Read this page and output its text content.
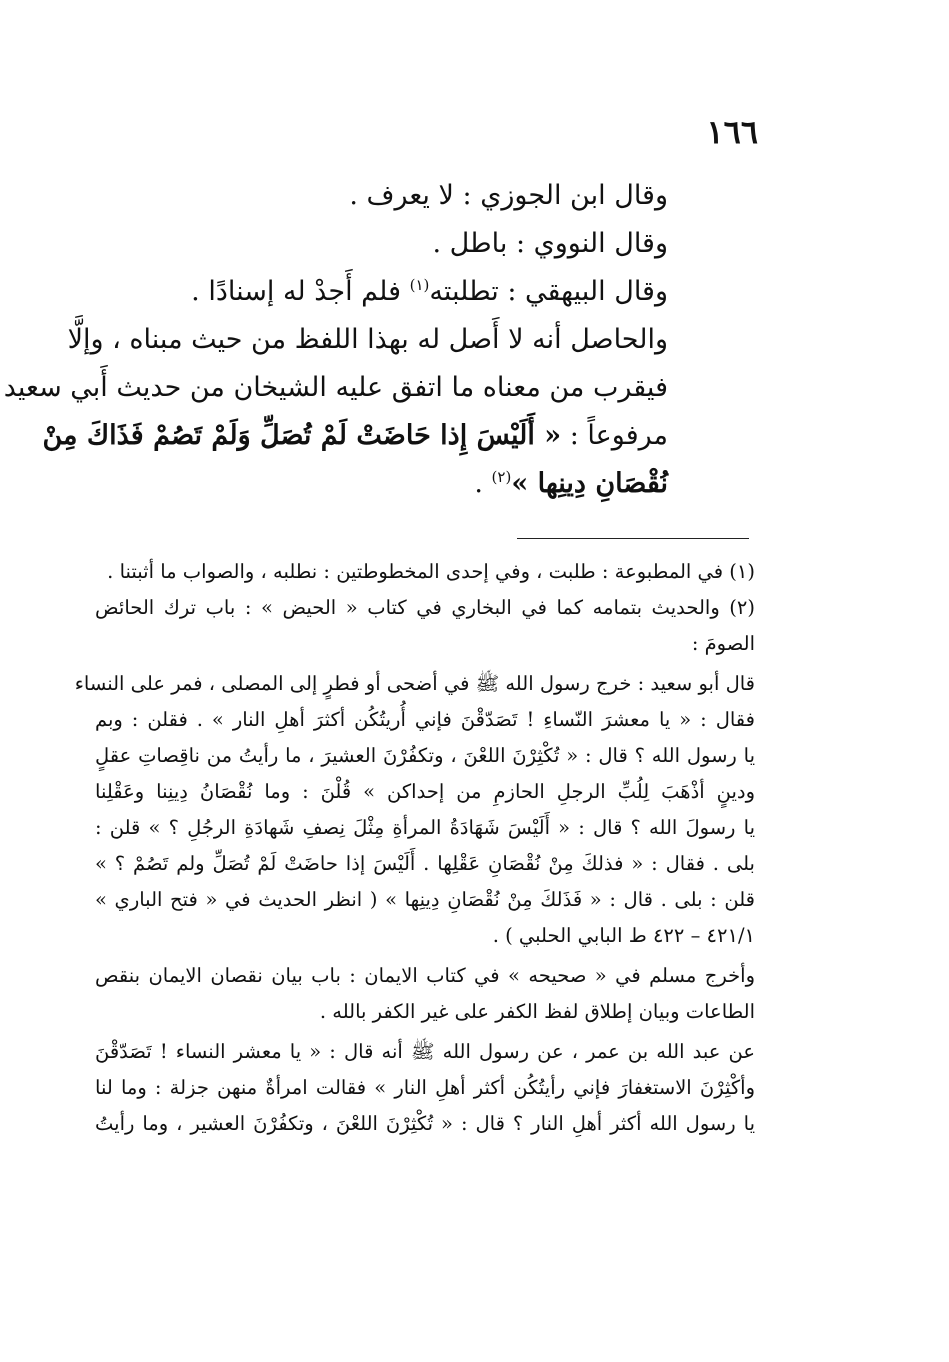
١٦٦
وقال ابن الجوزي : لا يعرف .
وقال النووي : باطل .
وقال البيهقي : تطلبته$^{(١)}$ فلم أَجدْ له إسنادًا .
والحاصل أنه لا أَصل له بهذا اللفظ من حيث مبناه ، وإلَّا
فيقرب من معناه ما اتفق عليه الشيخان من حديث أَبي سعيد
مرفوعاً : « أَلَيْسَ إِذا حَاضَتْ لَمْ تُصَلِّ وَلَمْ تَصُمْ فَذَاكَ مِنْ
نُقْصَانِ دِينِها »$^{(٢)}$ .

(١) في المطبوعة : طلبت ، وفي إحدى المخطوطتين : نطلبه ، والصواب ما أثبتنا .

(٢) والحديث بتمامه كما في البخاري في كتاب « الحيض » : باب ترك الحائض
الصومَ :

قال أبو سعيد : خرج رسول الله ﷺ في أضحى أو فطرٍ إلى المصلى ، فمر على النساء
فقال : « يا معشرَ النّساءِ ! تَصَدّقْنَ فإني أُريتُكُن أكثرَ أهلِ النار » . فقلن : وبم
يا رسول الله ؟ قال : « تُكْثِرْنَ اللعْنَ ، وتكفُرْنَ العشيرَ ، ما رأيتُ من ناقِصاتِ عقلٍ
ودينٍ أذْهَبَ لِلُبِّ الرجلِ الحازمِ من إحداكن » قُلْنَ : وما نُقْصَانُ دِينِنا وعَقْلِنا
يا رسولَ الله ؟ قال : « أَلَيْسَ شَهَادَةُ المرأةِ مِثْلَ نِصفِ شَهادَةِ الرجُلِ ؟ » قلن :
بلى . فقال : « فذلكَ مِنْ نُقْصَانِ عَقْلِها . أَلَيْسَ إذا حاضَتْ لَمْ تُصَلِّ ولم تَصُمْ ؟ »
قلن : بلى . قال : « فَذَلكَ مِنْ نُقْصَانِ دِينِها » ( انظر الحديث في « فتح الباري »
٤٢١/١ – ٤٢٢ ط البابي الحلبي ) .

وأخرج مسلم في « صحيحه » في كتاب الايمان : باب بيان نقصان الايمان بنقص
الطاعات وبيان إطلاق لفظ الكفر على غير الكفر بالله .

عن عبد الله بن عمر ، عن رسول الله ﷺ أنه قال : « يا معشر النساء ! تَصَدّقْنَ
وأكْثِرْنَ الاستغفارَ فإني رأيتُكُن أكثر أهلِ النار » فقالت امرأةٌ منهن جزلة : وما لنا
يا رسول الله أكثر أهلِ النار ؟ قال : « تُكْثِرْنَ اللعْنَ ، وتكفُرْنَ العشير ، وما رأيتُ
